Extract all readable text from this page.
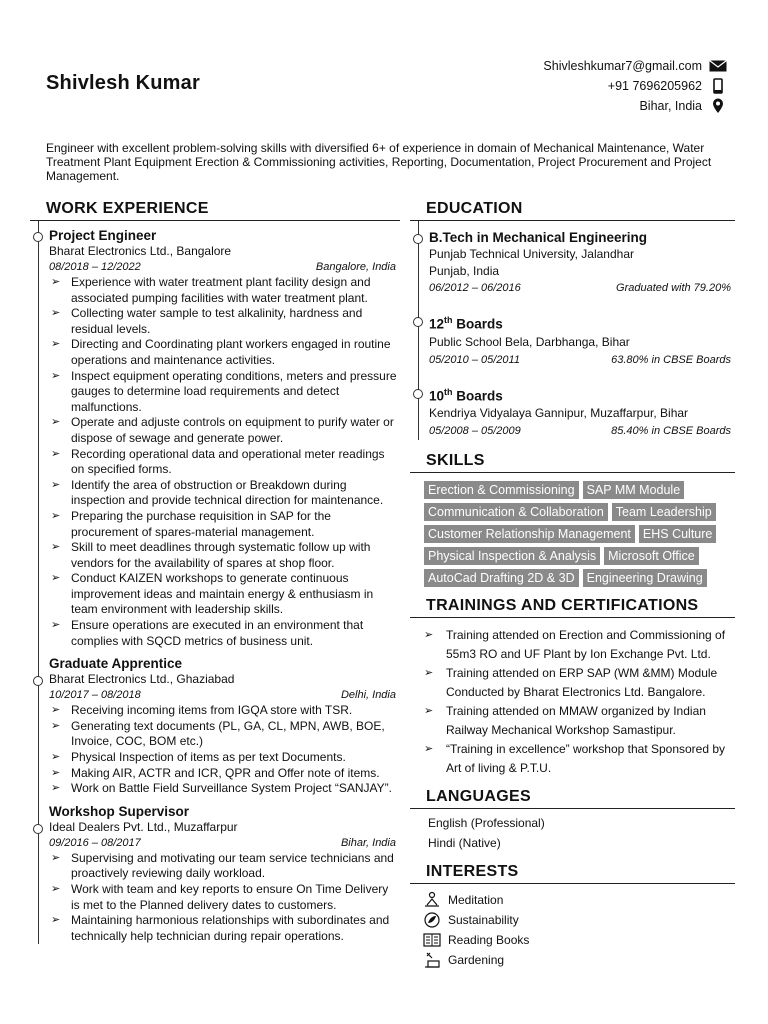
Shivlesh Kumar
Shivleshkumar7@gmail.com
+91 7696205962
Bihar, India
Engineer with excellent problem-solving skills with diversified 6+ of experience in domain of Mechanical Maintenance, Water Treatment Plant Equipment Erection & Commissioning activities, Reporting, Documentation, Project Procurement and Project Management.
WORK EXPERIENCE
Project Engineer
Bharat Electronics Ltd., Bangalore
08/2018 – 12/2022	Bangalore, India
➢ Experience with water treatment plant facility design and associated pumping facilities with water treatment plant.
➢ Collecting water sample to test alkalinity, hardness and residual levels.
➢ Directing and Coordinating plant workers engaged in routine operations and maintenance activities.
➢ Inspect equipment operating conditions, meters and pressure gauges to determine load requirements and detect malfunctions.
➢ Operate and adjuste controls on equipment to purify water or dispose of sewage and generate power.
➢ Recording operational data and operational meter readings on specified forms.
➢ Identify the area of obstruction or Breakdown during inspection and provide technical direction for maintenance.
➢ Preparing the purchase requisition in SAP for the procurement of spares-material management.
➢ Skill to meet deadlines through systematic follow up with vendors for the availability of spares at shop floor.
➢ Conduct KAIZEN workshops to generate continuous improvement ideas and maintain energy & enthusiasm in team environment with leadership skills.
➢ Ensure operations are executed in an environment that complies with SQCD metrics of business unit.
Graduate Apprentice
Bharat Electronics Ltd., Ghaziabad
10/2017 – 08/2018	Delhi, India
➢ Receiving incoming items from IGQA store with TSR.
➢ Generating text documents (PL, GA, CL, MPN, AWB, BOE, Invoice, COC, BOM etc.)
➢ Physical Inspection of items as per text Documents.
➢ Making AIR, ACTR and ICR, QPR and Offer note of items.
➢ Work on Battle Field Surveillance System Project “SANJAY”.
Workshop Supervisor
Ideal Dealers Pvt. Ltd., Muzaffarpur
09/2016 – 08/2017	Bihar, India
➢ Supervising and motivating our team service technicians and proactively reviewing daily workload.
➢ Work with team and key reports to ensure On Time Delivery is met to the Planned delivery dates to customers.
➢ Maintaining harmonious relationships with subordinates and technically help technician during repair operations.
EDUCATION
B.Tech in Mechanical Engineering
Punjab Technical University, Jalandhar
Punjab, India
06/2012 – 06/2016	Graduated with 79.20%
12th Boards
Public School Bela, Darbhanga, Bihar
05/2010 – 05/2011	63.80% in CBSE Boards
10th Boards
Kendriya Vidyalaya Gannipur, Muzaffarpur, Bihar
05/2008 – 05/2009	85.40% in CBSE Boards
SKILLS
Erection & Commissioning SAP MM Module
Communication & Collaboration Team Leadership
Customer Relationship Management EHS Culture
Physical Inspection & Analysis Microsoft Office
AutoCad Drafting 2D & 3D Engineering Drawing
TRAININGS AND CERTIFICATIONS
➢ Training attended on Erection and Commissioning of 55m3 RO and UF Plant by Ion Exchange Pvt. Ltd.
➢ Training attended on ERP SAP (WM &MM) Module Conducted by Bharat Electronics Ltd. Bangalore.
➢ Training attended on MMAW organized by Indian Railway Mechanical Workshop Samastipur.
➢ “Training in excellence” workshop that Sponsored by Art of living & P.T.U.
LANGUAGES
English (Professional)
Hindi (Native)
INTERESTS
Meditation
Sustainability
Reading Books
Gardening
